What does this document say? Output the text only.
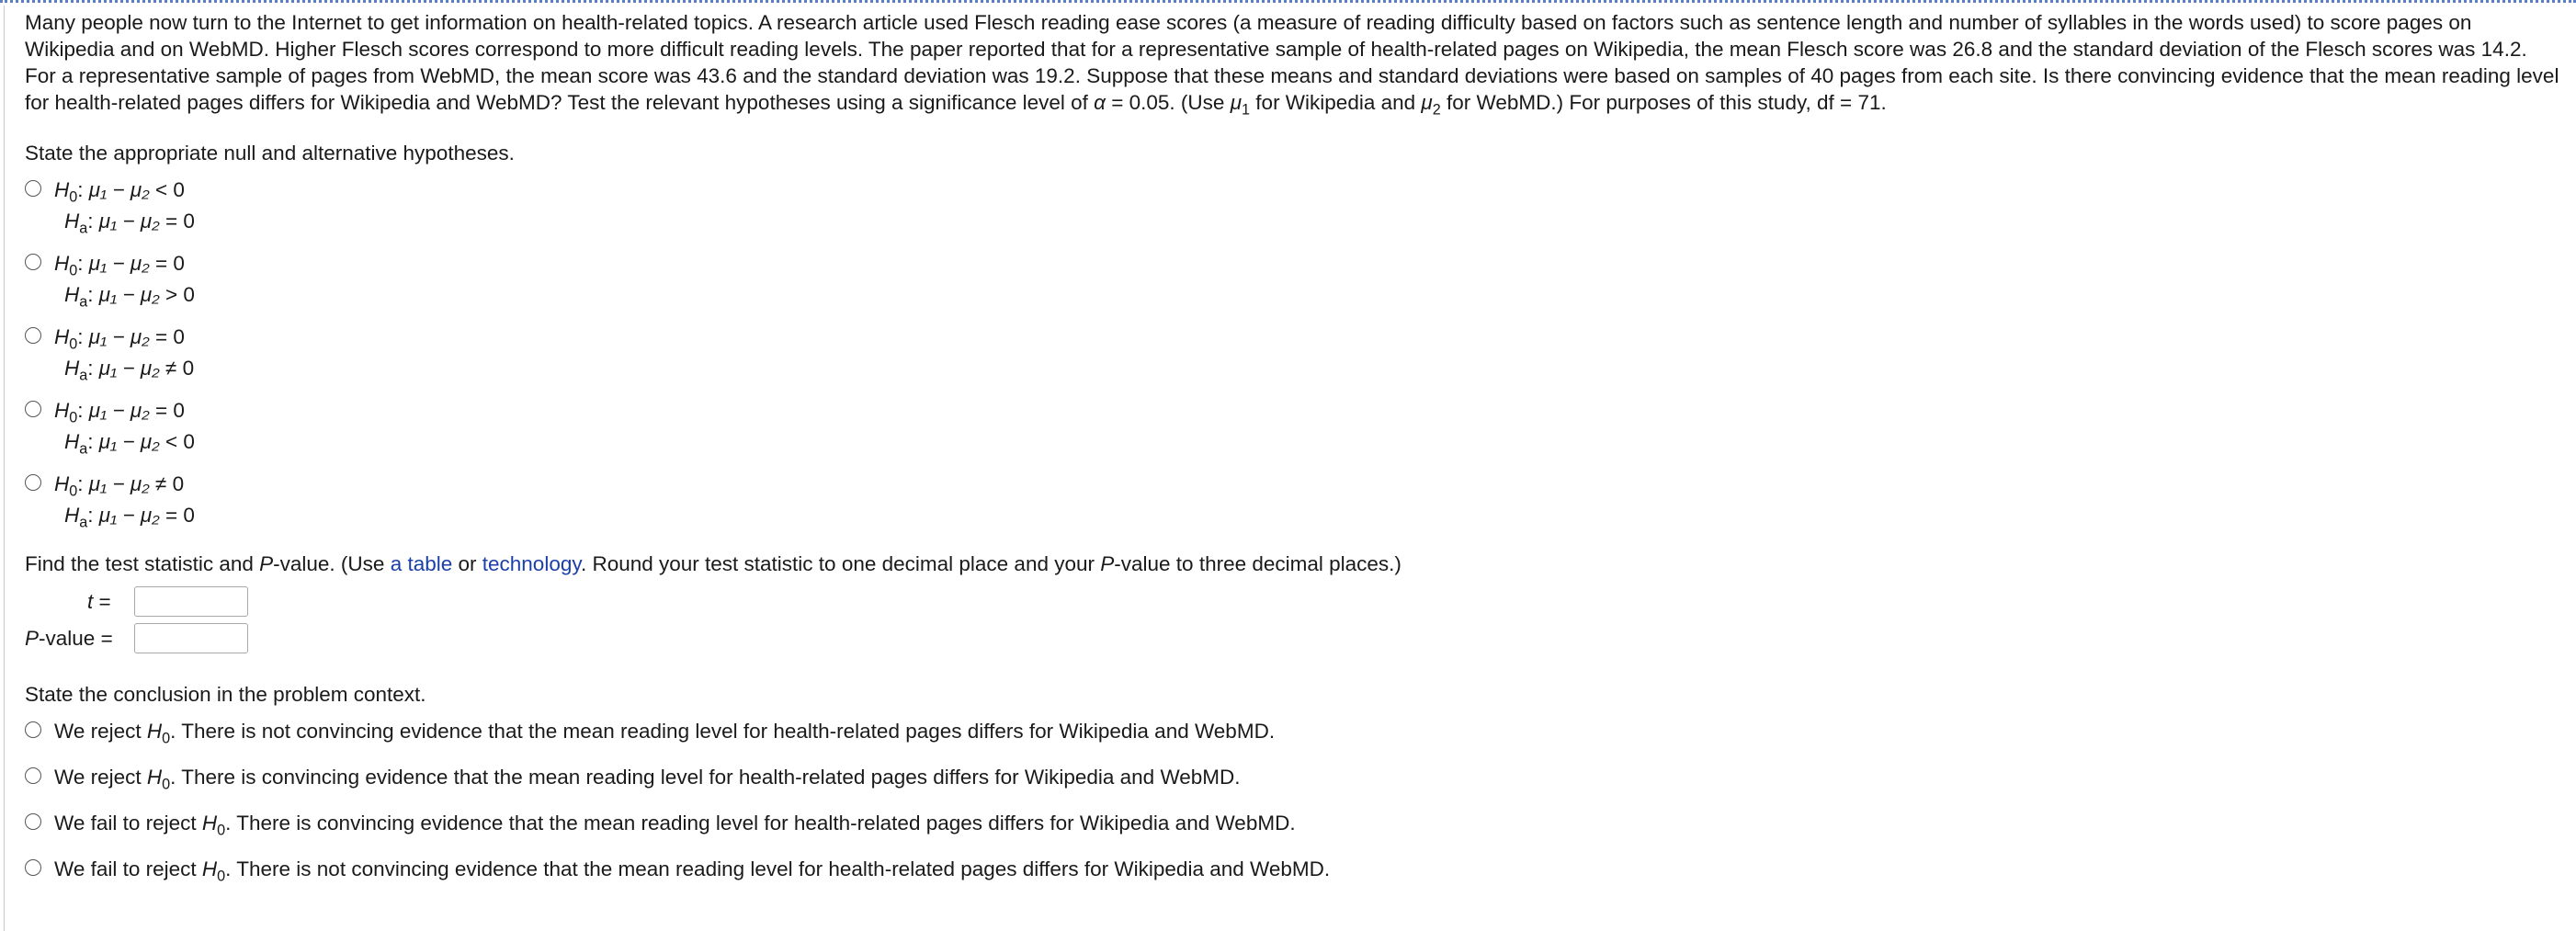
Many people now turn to the Internet to get information on health-related topics. A research article used Flesch reading ease scores (a measure of reading difficulty based on factors such as sentence length and number of syllables in the words used) to score pages on Wikipedia and on WebMD. Higher Flesch scores correspond to more difficult reading levels. The paper reported that for a representative sample of health-related pages on Wikipedia, the mean Flesch score was 26.8 and the standard deviation of the Flesch scores was 14.2. For a representative sample of pages from WebMD, the mean score was 43.6 and the standard deviation was 19.2. Suppose that these means and standard deviations were based on samples of 40 pages from each site. Is there convincing evidence that the mean reading level for health-related pages differs for Wikipedia and WebMD? Test the relevant hypotheses using a significance level of α = 0.05. (Use $\mu_1$ for Wikipedia and $\mu_2$ for WebMD.) For purposes of this study, df = 71.

State the appropriate null and alternative hypotheses.
$H_0$: μ₁ − μ₂ < 0
$H_a$: μ₁ − μ₂ = 0
$H_0$: μ₁ − μ₂ = 0
$H_a$: μ₁ − μ₂ > 0
$H_0$: μ₁ − μ₂ = 0
$H_a$: μ₁ − μ₂ ≠ 0
$H_0$: μ₁ − μ₂ = 0
$H_a$: μ₁ − μ₂ < 0
$H_0$: μ₁ − μ₂ ≠ 0
$H_a$: μ₁ − μ₂ = 0
Find the test statistic and P-value. (Use a table or technology. Round your test statistic to one decimal place and your P-value to three decimal places.)
t =
P-value =
State the conclusion in the problem context.
We reject $H_0$. There is not convincing evidence that the mean reading level for health-related pages differs for Wikipedia and WebMD.
We reject $H_0$. There is convincing evidence that the mean reading level for health-related pages differs for Wikipedia and WebMD.
We fail to reject $H_0$. There is convincing evidence that the mean reading level for health-related pages differs for Wikipedia and WebMD.
We fail to reject $H_0$. There is not convincing evidence that the mean reading level for health-related pages differs for Wikipedia and WebMD.
